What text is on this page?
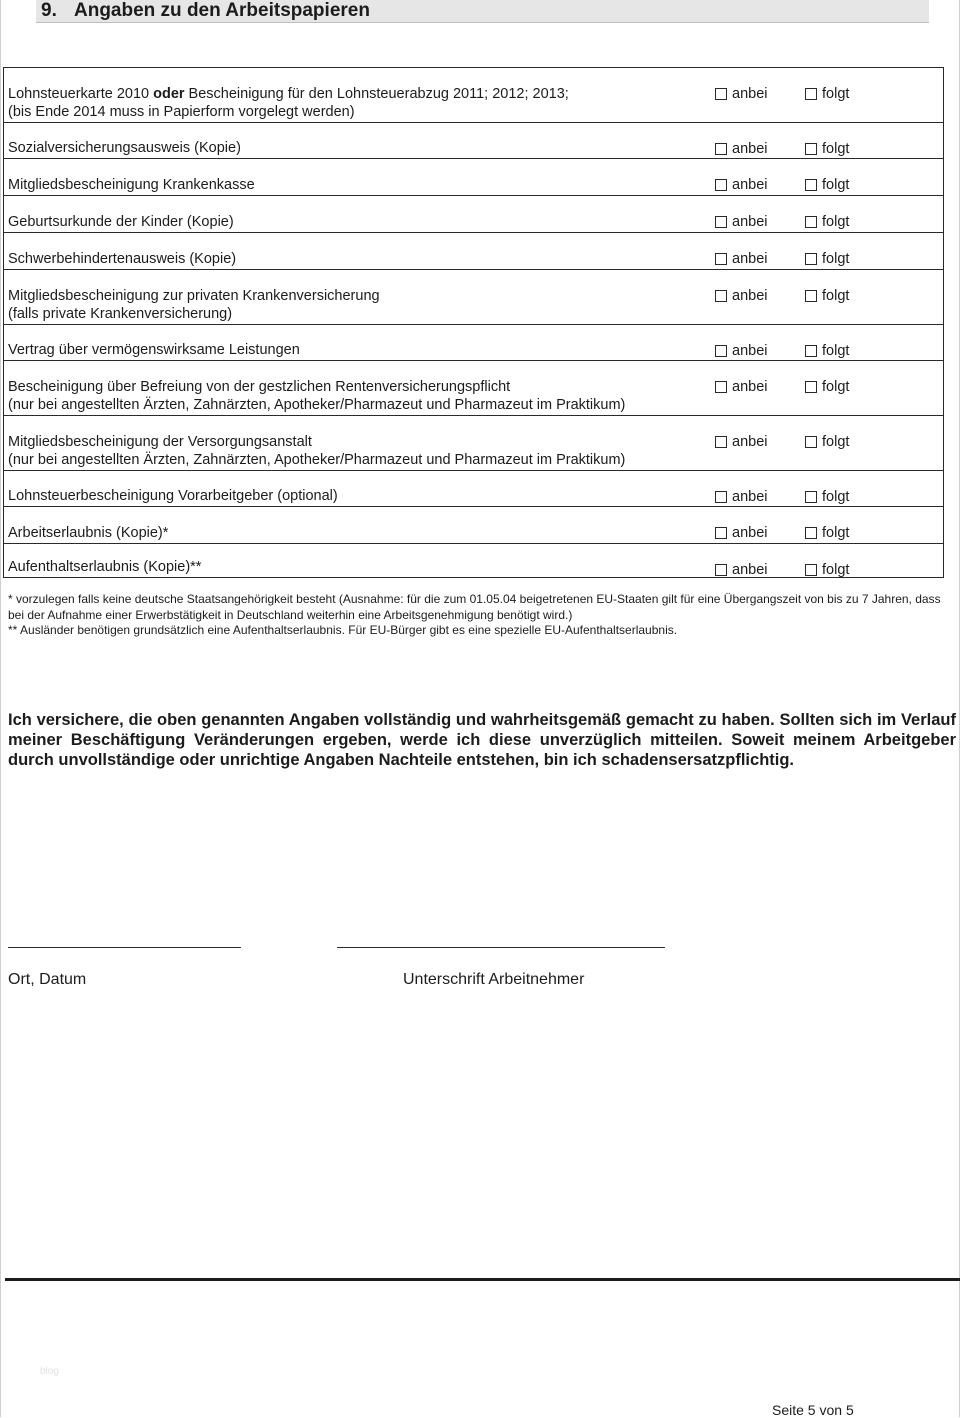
9. Angaben zu den Arbeitspapieren
Lohnsteuerkarte 2010 oder Bescheinigung für den Lohnsteuerabzug 2011; 2012; 2013;
(bis Ende 2014 muss in Papierform vorgelegt werden)
anbei	folgt
Sozialversicherungsausweis (Kopie)	anbei	folgt
Mitgliedsbescheinigung Krankenkasse	anbei	folgt
Geburtsurkunde der Kinder (Kopie)	anbei	folgt
Schwerbehindertenausweis (Kopie)	anbei	folgt
Mitgliedsbescheinigung zur privaten Krankenversicherung
(falls private Krankenversicherung)
anbei	folgt
Vertrag über vermögenswirksame Leistungen	anbei	folgt
Bescheinigung über Befreiung von der gestzlichen Rentenversicherungspflicht
(nur bei angestellten Ärzten, Zahnärzten, Apotheker/Pharmazeut und Pharmazeut im Praktikum)
anbei	folgt
Mitgliedsbescheinigung der Versorgungsanstalt
(nur bei angestellten Ärzten, Zahnärzten, Apotheker/Pharmazeut und Pharmazeut im Praktikum)
anbei	folgt
Lohnsteuerbescheinigung Vorarbeitgeber (optional)	anbei	folgt
Arbeitserlaubnis (Kopie)*	anbei	folgt
Aufenthaltserlaubnis (Kopie)**	anbei	folgt

* vorzulegen falls keine deutsche Staatsangehörigkeit besteht (Ausnahme: für die zum 01.05.04 beigetretenen EU-Staaten gilt für eine Übergangszeit von bis zu 7 Jahren, dass

bei der Aufnahme einer Erwerbstätigkeit in Deutschland weiterhin eine Arbeitsgenehmigung benötigt wird.)

** Ausländer benötigen grundsätzlich eine Aufenthaltserlaubnis. Für EU-Bürger gibt es eine spezielle EU-Aufenthaltserlaubnis.

Ich versichere, die oben genannten Angaben vollständig und wahrheitsgemäß gemacht zu haben. Sollten sich im Verlauf meiner Beschäftigung Veränderungen ergeben, werde ich diese unverzüglich mitteilen. Soweit meinem Arbeitgeber durch unvollständige oder unrichtige Angaben Nachteile entstehen, bin ich schadensersatzpflichtig.
Ort, Datum	Unterschrift Arbeitnehmer
blog
Seite 5 von 5
